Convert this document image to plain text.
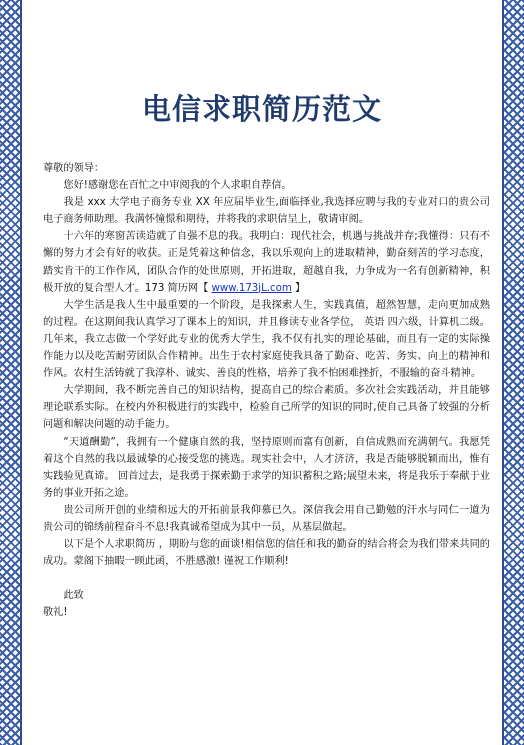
电信求职简历范文

尊敬的领导：

您好!感谢您在百忙之中审阅我的个人求职自荐信。

我是 xxx 大学电子商务专业 XX 年应届毕业生,面临择业,我选择应聘与我的专业对口的贵公司电子商务师助理。我满怀憧憬和期待，并将我的求职信呈上，敬请审阅。

十六年的寒窗苦读造就了自强不息的我。我明白：现代社会，机遇与挑战并存;我懂得：只有不懈的努力才会有好的收获。正是凭着这种信念，我以乐观向上的进取精神，勤奋刻苦的学习态度，踏实肯干的工作作风，团队合作的处世原则，开拓进取，超越自我，力争成为一名有创新精神，积极开放的复合型人才。173 简历网【 www.173jL.com 】

大学生活是我人生中最重要的一个阶段，是我探索人生，实践真值，超然智慧，走向更加成熟的过程。在这期间我认真学习了课本上的知识，并且修读专业各学位， 英语 四六级，计算机二级。几年来，我立志做一个学好此专业的优秀大学生，我不仅有扎实的理论基础，而且有一定的实际操作能力以及吃苦耐劳团队合作精神。出生于农村家庭使我具备了勤奋、吃苦、务实、向上的精神和作风。农村生活铸就了我淳朴、诚实、善良的性格，培养了我不怕困难挫折，不服输的奋斗精神。

大学期间，我不断完善自己的知识结构，提高自己的综合素质。多次社会实践活动，并且能够理论联系实际。在校内外积极进行的实践中，检验自己所学的知识的同时,使自己具备了较强的分析问题和解决问题的动手能力。

“天道酬勤”，我拥有一个健康自然的我，坚持原则而富有创新，自信成熟而充满朝气。我愿凭着这个自然的我以最诚挚的心接受您的挑选。现实社会中，人才济济，我是否能够脱颖而出，惟有实践验见真谛。 回首过去，是我勇于探索勤于求学的知识蓄积之路;展望未来，将是我乐于奉献于业务的事业开拓之途。

贵公司所开创的业绩和远大的开拓前景我仰慕已久。深信我会用自己勤勉的汗水与同仁一道为贵公司的锦绣前程奋斗不息!我真诚希望成为其中一员，从基层做起。

以下是个人求职简历 ，期盼与您的面谈!相信您的信任和我的勤奋的结合将会为我们带来共同的成功。蒙阁下抽暇一顾此函，不胜感激! 谨祝工作顺利!

此致

敬礼!
